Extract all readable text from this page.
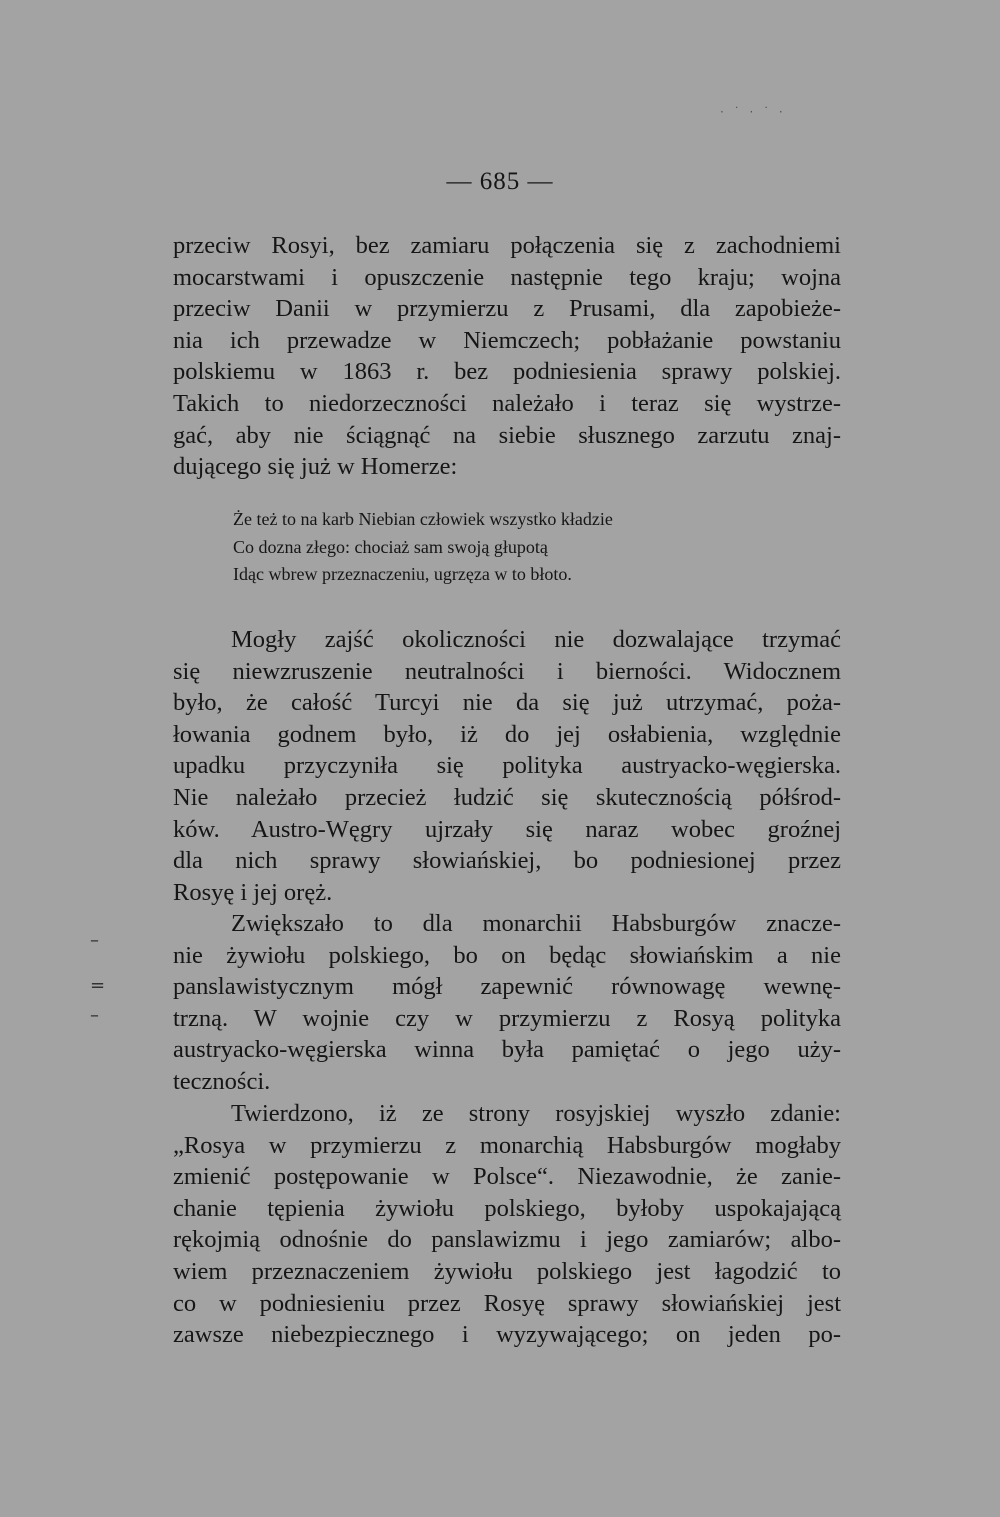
· ˙ · ˙ ·
— 685 —
przeciw Rosyi, bez zamiaru połączenia się z zachodniemi
mocarstwami i opuszczenie następnie tego kraju; wojna
przeciw Danii w przymierzu z Prusami, dla zapobieże-
nia ich przewadze w Niemczech; pobłażanie powstaniu
polskiemu w 1863 r. bez podniesienia sprawy polskiej.
Takich to niedorzeczności należało i teraz się wystrze-
gać, aby nie ściągnąć na siebie słusznego zarzutu znaj-
dującego się już w Homerze:
Że też to na karb Niebian człowiek wszystko kładzie
Co dozna złego: chociaż sam swoją głupotą
Idąc wbrew przeznaczeniu, ugrzęza w to błoto.
Mogły zajść okoliczności nie dozwalające trzymać
się niewzruszenie neutralności i bierności. Widocznem
było, że całość Turcyi nie da się już utrzymać, poża-
łowania godnem było, iż do jej osłabienia, względnie
upadku przyczyniła się polityka austryacko-węgierska.
Nie należało przecież łudzić się skutecznością półśrod-
ków. Austro-Węgry ujrzały się naraz wobec groźnej
dla nich sprawy słowiańskiej, bo podniesionej przez
Rosyę i jej oręż.
Zwiększało to dla monarchii Habsburgów znacze-
nie żywiołu polskiego, bo on będąc słowiańskim a nie
panslawistycznym mógł zapewnić równowagę wewnę-
trzną. W wojnie czy w przymierzu z Rosyą polityka
austryacko-węgierska winna była pamiętać o jego uży-
teczności.
Twierdzono, iż ze strony rosyjskiej wyszło zdanie:
„Rosya w przymierzu z monarchią Habsburgów mogłaby
zmienić postępowanie w Polsce“. Niezawodnie, że zanie-
chanie tępienia żywiołu polskiego, byłoby uspokajającą
rękojmią odnośnie do panslawizmu i jego zamiarów; albo-
wiem przeznaczeniem żywiołu polskiego jest łagodzić to
co w podniesieniu przez Rosyę sprawy słowiańskiej jest
zawsze niebezpiecznego i wyzywającego; on jeden po-
–
=
–
